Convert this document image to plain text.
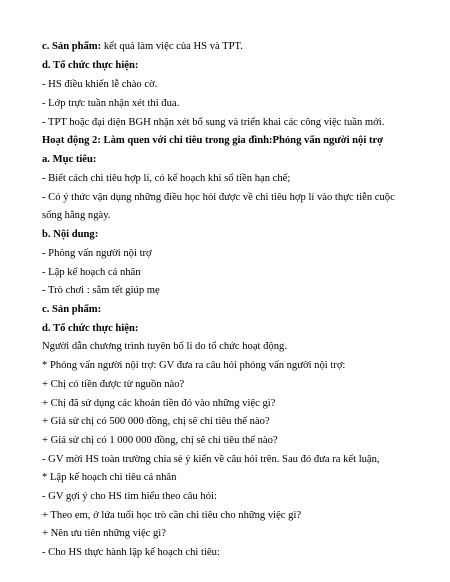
c. Sản phẩm: kết quả làm việc của HS và TPT.
d. Tổ chức thực hiện:
- HS điều khiển lễ chào cờ.
- Lớp trực tuần nhận xét thi đua.
- TPT hoặc đại diện BGH nhận xét bổ sung và triển khai các công việc tuần mới.
Hoạt động 2: Làm quen với chi tiêu trong gia đình:Phỏng vấn người nội trợ
a. Mục tiêu:
- Biết cách chi tiêu hợp lí, có kế hoạch khi số tiền hạn chế;
- Có ý thức vận dụng những điều học hỏi được về chi tiêu hợp lí vào thực tiễn cuộc
sống hằng ngày.
b. Nội dung:
- Phỏng vấn người nội trợ
- Lập kế hoạch cá nhân
- Trò chơi : sắm tết giúp mẹ
c. Sản phẩm:
d. Tổ chức thực hiện:
Người dẫn chương trình tuyên bố lí do tổ chức hoạt động.
* Phỏng vấn người nội trợ: GV đưa ra câu hỏi phỏng vấn người nội trợ:
+ Chị có tiền được từ nguồn nào?
+ Chị đã sử dụng các khoản tiền đó vào những việc gì?
+ Giả sử chị có 500 000 đồng, chị sẽ chi tiêu thế nào?
+ Giả sử chị có 1 000 000 đồng, chị sẽ chi tiêu thế nào?
- GV mời HS toàn trường chia sẻ ý kiến về câu hỏi trên. Sau đó đưa ra kết luận,
* Lập kế hoạch chi tiêu cá nhân
- GV gợi ý cho HS tìm hiểu theo câu hỏi:
+ Theo em, ở lứa tuổi học trò cần chi tiêu cho những việc gì?
+ Nên ưu tiên những việc gì?
- Cho HS thực hành lập kế hoạch chi tiêu:
